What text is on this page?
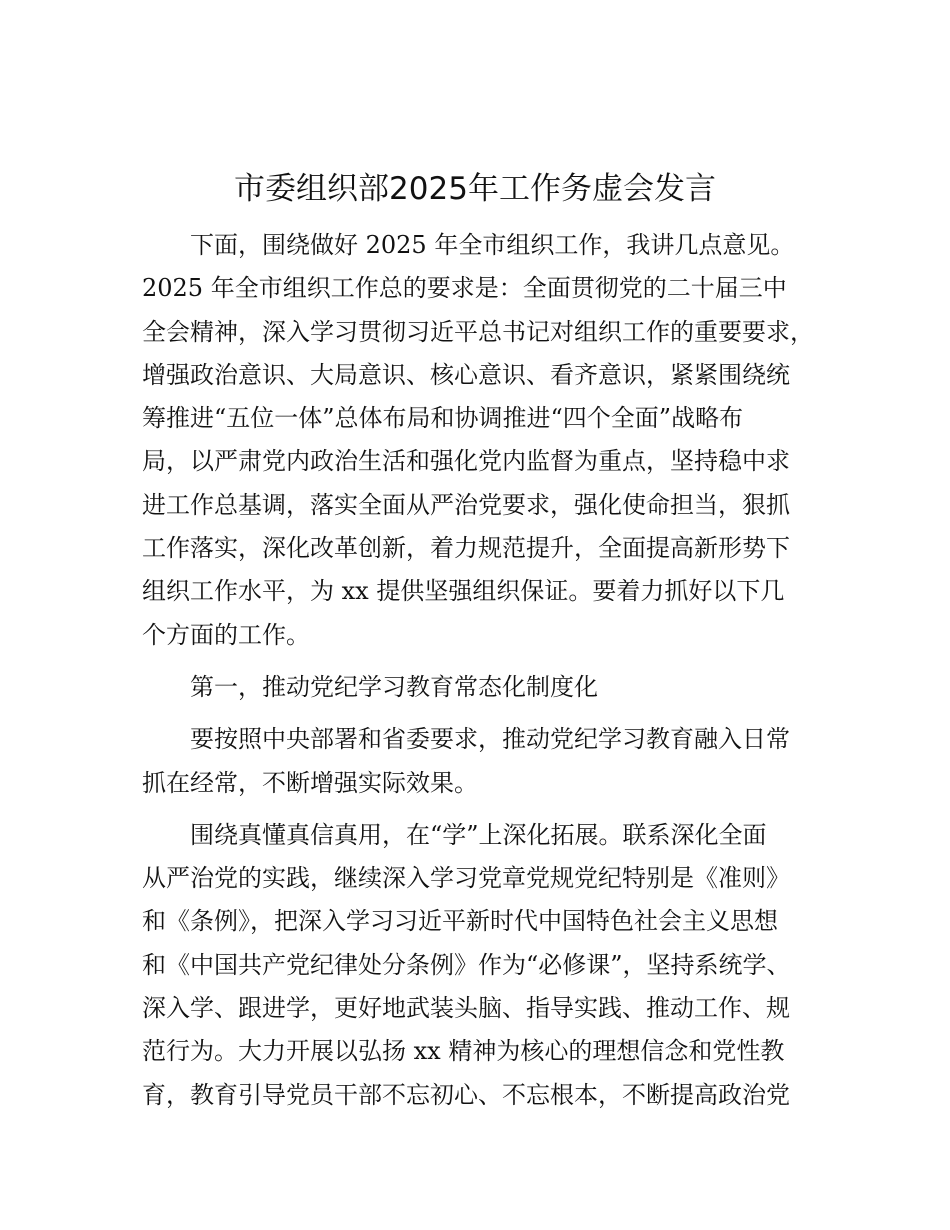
市委组织部2025年工作务虚会发言
　　下面，围绕做好 2025 年全市组织工作，我讲几点意见。
2025 年全市组织工作总的要求是：全面贯彻党的二十届三中
全会精神，深入学习贯彻习近平总书记对组织工作的重要要求，
增强政治意识、大局意识、核心意识、看齐意识，紧紧围绕统
筹推进“五位一体”总体布局和协调推进“四个全面”战略布
局，以严肃党内政治生活和强化党内监督为重点，坚持稳中求
进工作总基调，落实全面从严治党要求，强化使命担当，狠抓
工作落实，深化改革创新，着力规范提升，全面提高新形势下
组织工作水平，为 xx 提供坚强组织保证。要着力抓好以下几
个方面的工作。
　　第一，推动党纪学习教育常态化制度化
　　要按照中央部署和省委要求，推动党纪学习教育融入日常
抓在经常，不断增强实际效果。
　　围绕真懂真信真用，在“学”上深化拓展。联系深化全面
从严治党的实践，继续深入学习党章党规党纪特别是《准则》
和《条例》，把深入学习习近平新时代中国特色社会主义思想
和《中国共产党纪律处分条例》作为“必修课”，坚持系统学、
深入学、跟进学，更好地武装头脑、指导实践、推动工作、规
范行为。大力开展以弘扬 xx 精神为核心的理想信念和党性教
育，教育引导党员干部不忘初心、不忘根本，不断提高政治党
